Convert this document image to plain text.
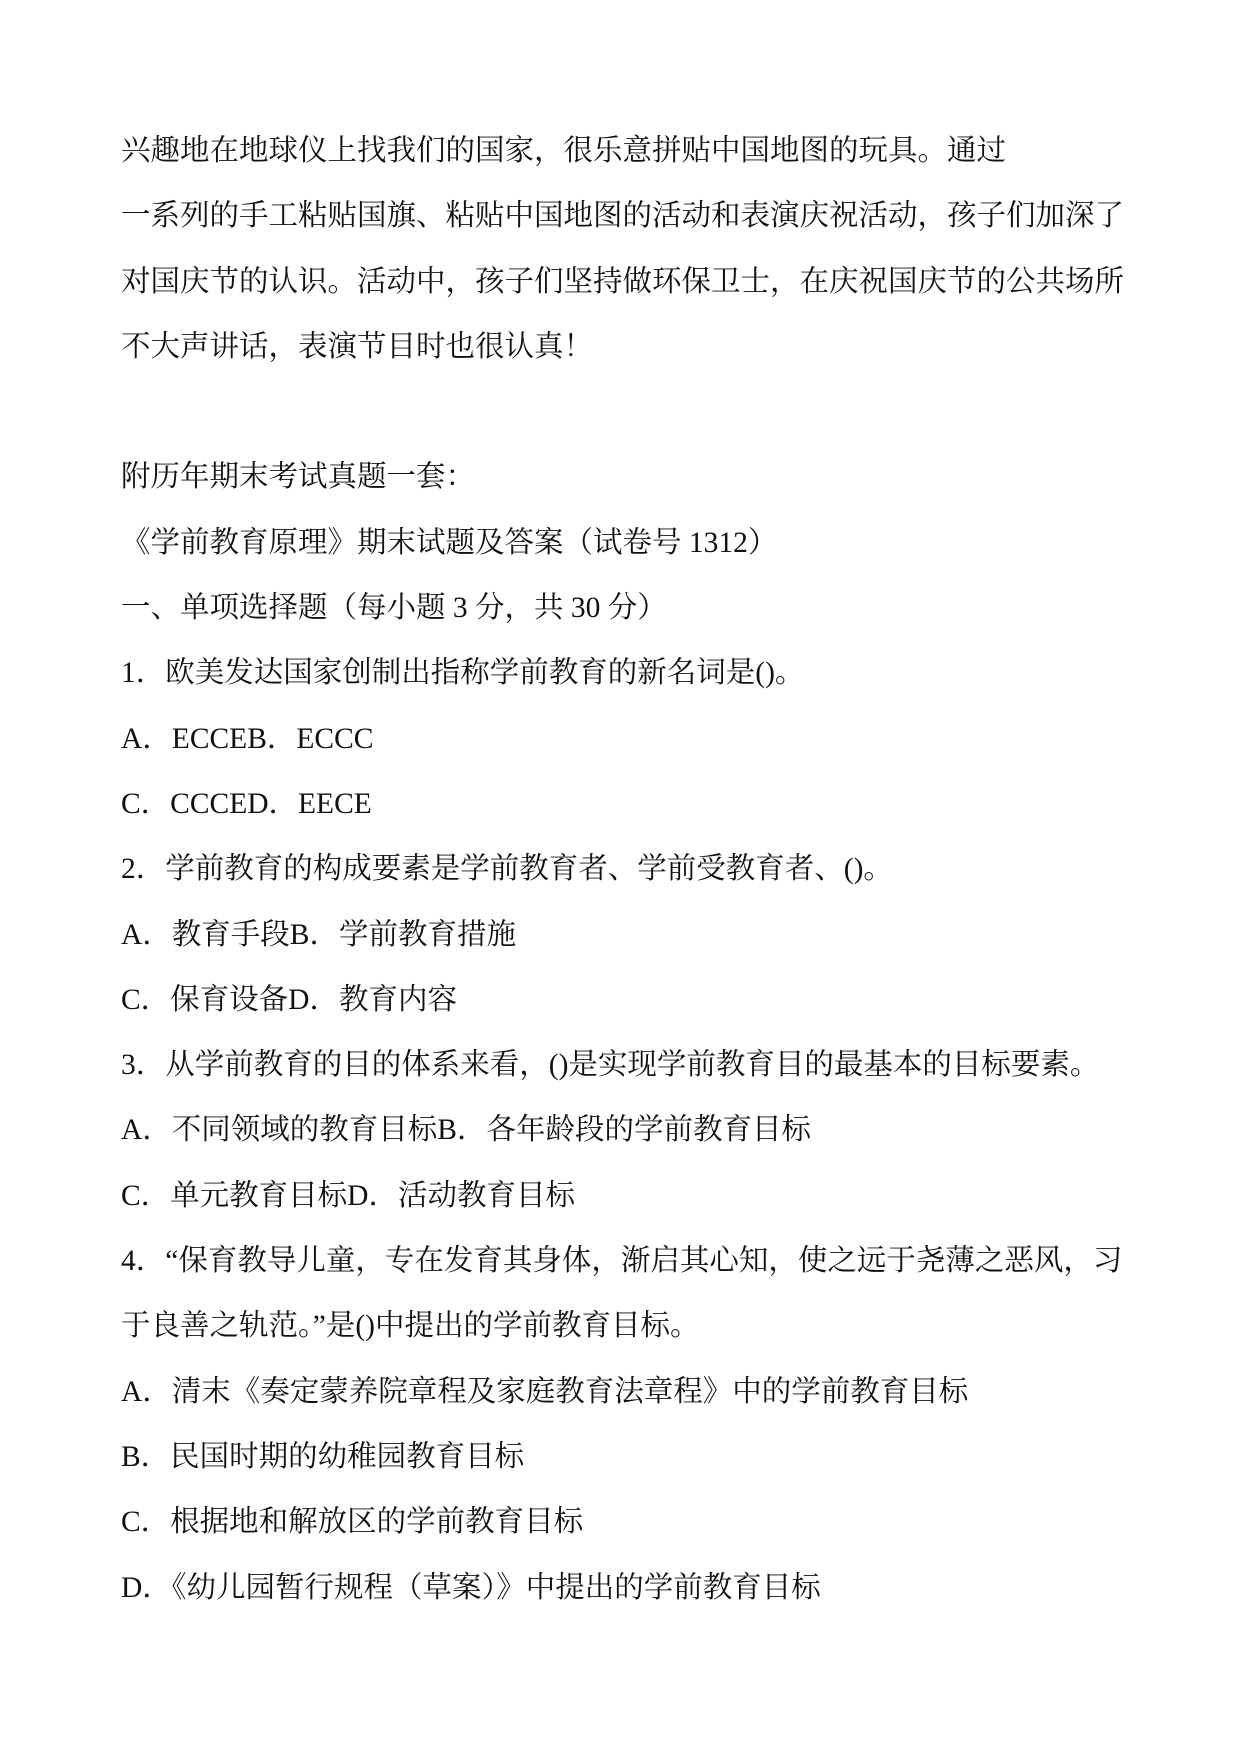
兴趣地在地球仪上找我们的国家，很乐意拼贴中国地图的玩具。通过
一系列的手工粘贴国旗、粘贴中国地图的活动和表演庆祝活动，孩子们加深了
对国庆节的认识。活动中，孩子们坚持做环保卫士，在庆祝国庆节的公共场所
不大声讲话，表演节目时也很认真！
附历年期末考试真题一套：
《学前教育原理》期末试题及答案（试卷号 1312）
一、单项选择题（每小题 3 分，共 30 分）
1．欧美发达国家创制出指称学前教育的新名词是()。
A．ECCEB．ECCC
C．CCCED．EECE
2．学前教育的构成要素是学前教育者、学前受教育者、()。
A．教育手段B．学前教育措施
C．保育设备D．教育内容
3．从学前教育的目的体系来看，()是实现学前教育目的最基本的目标要素。
A．不同领域的教育目标B．各年龄段的学前教育目标
C．单元教育目标D．活动教育目标
4．“保育教导儿童，专在发育其身体，渐启其心知，使之远于尧薄之恶风，习
于良善之轨范。”是()中提出的学前教育目标。
A．清末《奏定蒙养院章程及家庭教育法章程》中的学前教育目标
B．民国时期的幼稚园教育目标
C．根据地和解放区的学前教育目标
D．《幼儿园暂行规程（草案）》中提出的学前教育目标
